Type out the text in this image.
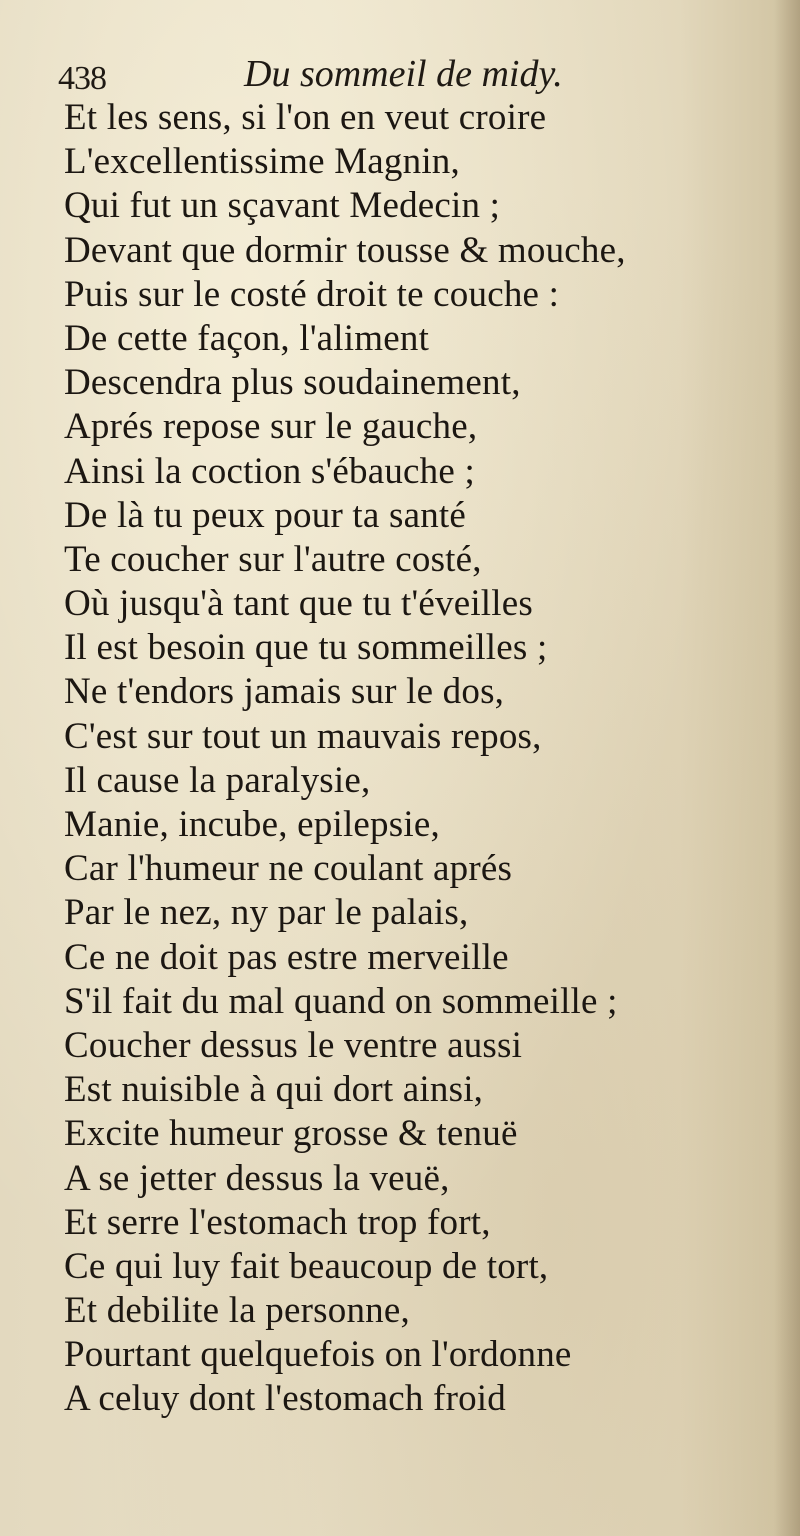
438	Du sommeil de midy.
Et les sens, si l'on en veut croire
L'excellentissime Magnin,
Qui fut un sçavant Medecin ;
Devant que dormir tousse & mouche,
Puis sur le costé droit te couche :
De cette façon, l'aliment
Descendra plus soudainement,
Aprés repose sur le gauche,
Ainsi la coction s'ébauche ;
De là tu peux pour ta santé
Te coucher sur l'autre costé,
Où jusqu'à tant que tu t'éveilles
Il est besoin que tu sommeilles ;
Ne t'endors jamais sur le dos,
C'est sur tout un mauvais repos,
Il cause la paralysie,
Manie, incube, epilepsie,
Car l'humeur ne coulant aprés
Par le nez, ny par le palais,
Ce ne doit pas estre merveille
S'il fait du mal quand on sommeille ;
Coucher dessus le ventre aussi
Est nuisible à qui dort ainsi,
Excite humeur grosse & tenuë
A se jetter dessus la veuë,
Et serre l'estomach trop fort,
Ce qui luy fait beaucoup de tort,
Et debilite la personne,
Pourtant quelquefois on l'ordonne
A celuy dont l'estomach froid
